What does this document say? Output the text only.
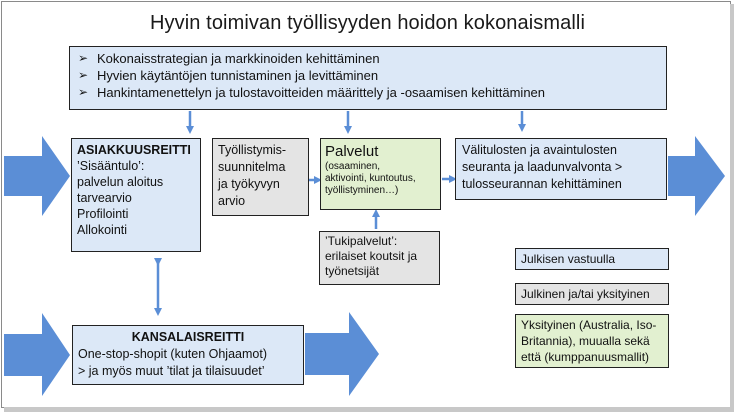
Hyvin toimivan työllisyyden hoidon kokonaismalli
➢ Kokonaisstrategian ja markkinoiden kehittäminen
➢ Hyvien käytäntöjen tunnistaminen ja levittäminen
➢ Hankintamenettelyn ja tulostavoitteiden määrittely ja -osaamisen kehittäminen
ASIAKKUUSREITTI
’Sisääntulo’:
palvelun aloitus
tarvearvio
Profilointi
Allokointi
Työllistymis-
suunnitelma
ja työkyvyn
arvio
Palvelut
(osaaminen,
aktivointi, kuntoutus,
työllistyminen…)
’Tukipalvelut’:
erilaiset koutsit ja
työnetsijät
Välitulosten ja avaintulosten
seuranta ja laadunvalvonta >
tulosseurannan kehittäminen
KANSALAISREITTI
One-stop-shopit (kuten Ohjaamot)
> ja myös muut ’tilat ja tilaisuudet’
Julkisen vastuulla
Julkinen ja/tai yksityinen
Yksityinen (Australia, Iso-
Britannia), muualla sekä
että (kumppanuusmallit)
